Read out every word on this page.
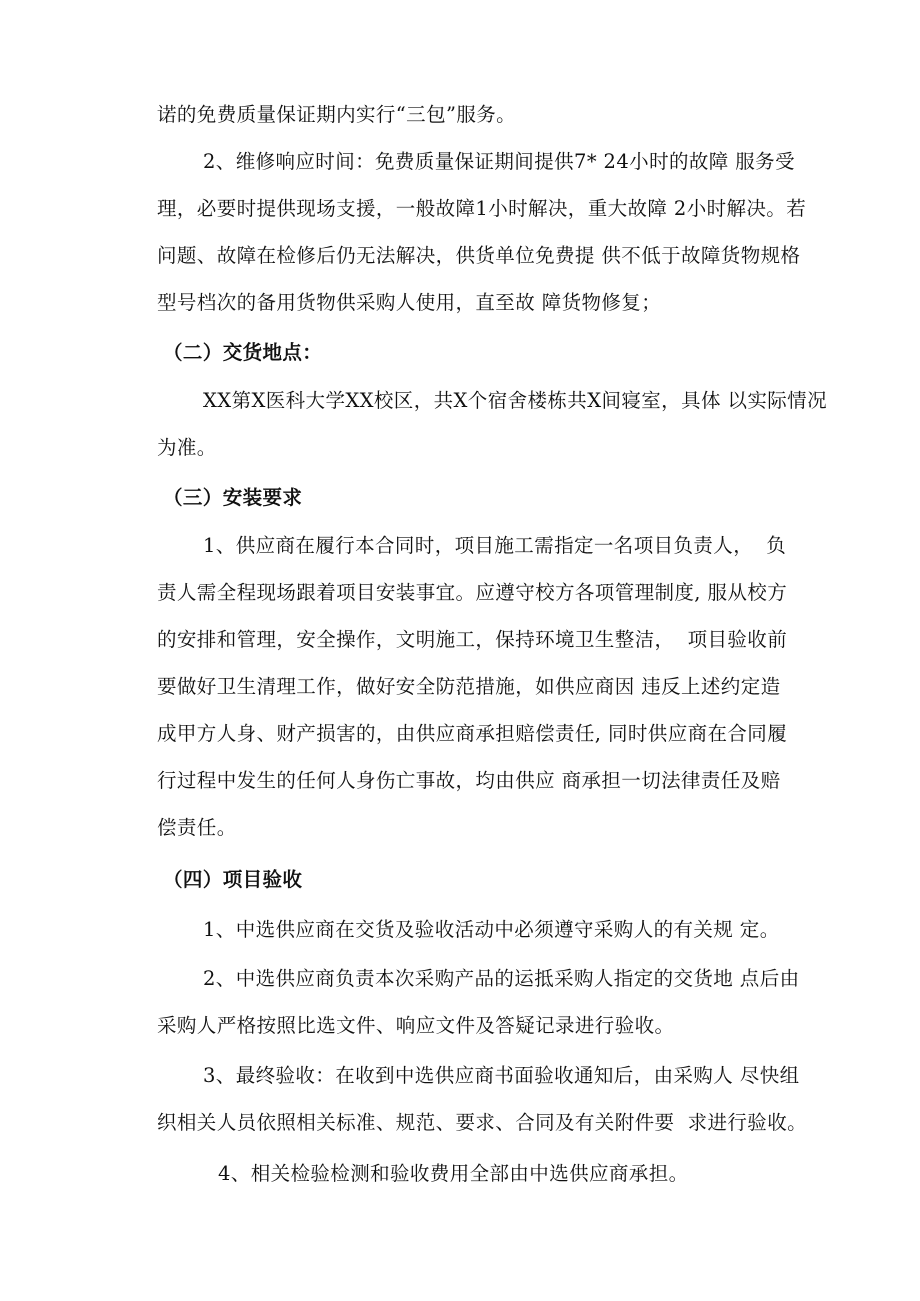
诺的免费质量保证期内实行“三包”服务。
2、维修响应时间：免费质量保证期间提供7* 24小时的故障 服务受
理，必要时提供现场支援，一般故障1小时解决，重大故障 2小时解决。若
问题、故障在检修后仍无法解决，供货单位免费提 供不低于故障货物规格
型号档次的备用货物供采购人使用，直至故 障货物修复；
（二）交货地点：
XX第X医科大学XX校区，共X个宿舍楼栋共X间寝室，具体 以实际情况
为准。
（三）安装要求
1、供应商在履行本合同时，项目施工需指定一名项目负责人，  负
责人需全程现场跟着项目安装事宜。应遵守校方各项管理制度, 服从校方
的安排和管理，安全操作，文明施工，保持环境卫生整洁，  项目验收前
要做好卫生清理工作，做好安全防范措施，如供应商因 违反上述约定造
成甲方人身、财产损害的，由供应商承担赔偿责任, 同时供应商在合同履
行过程中发生的任何人身伤亡事故，均由供应 商承担一切法律责任及赔
偿责任。
（四）项目验收
1、中选供应商在交货及验收活动中必须遵守采购人的有关规 定。
2、中选供应商负责本次采购产品的运抵采购人指定的交货地 点后由
采购人严格按照比选文件、响应文件及答疑记录进行验收。
3、最终验收：在收到中选供应商书面验收通知后，由采购人 尽快组
织相关人员依照相关标准、规范、要求、合同及有关附件要  求进行验收。
4、相关检验检测和验收费用全部由中选供应商承担。
